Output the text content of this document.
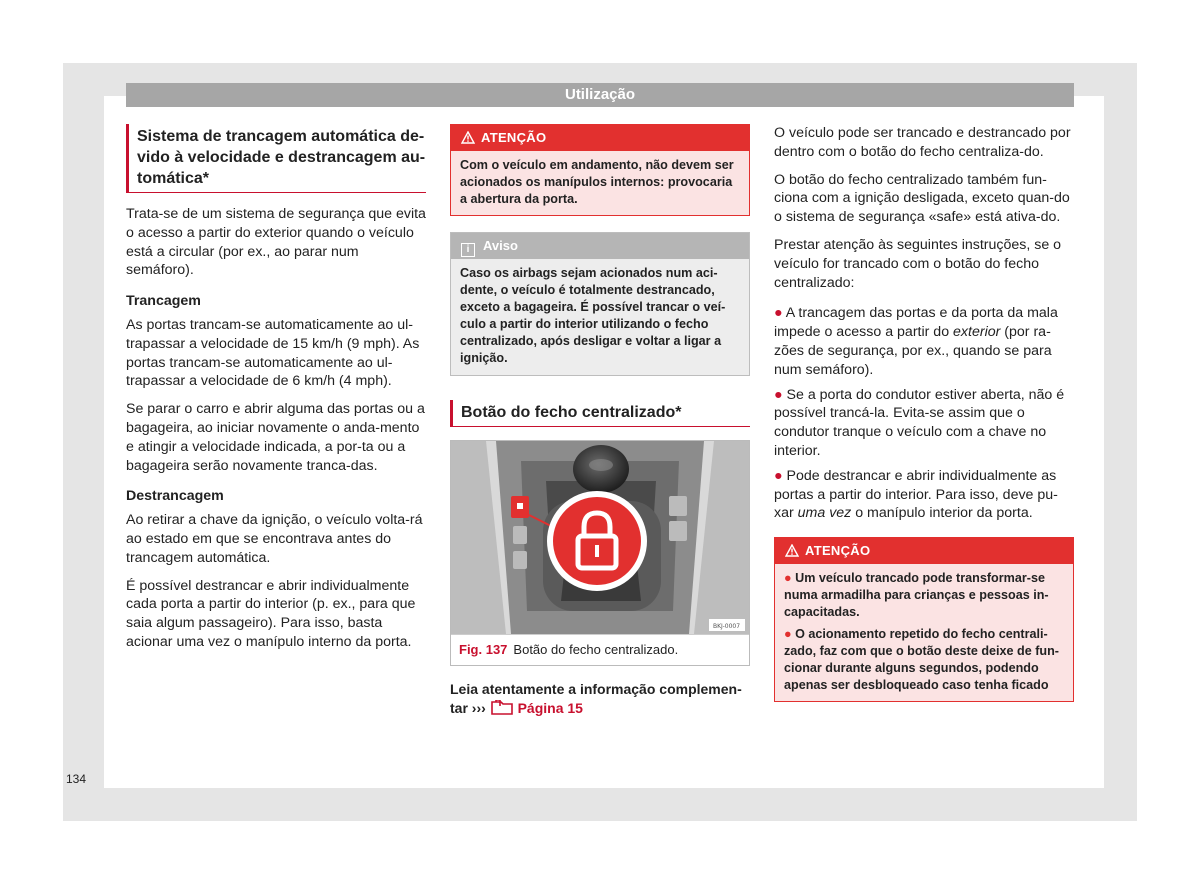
Utilização
Sistema de trancagem automática de-vido à velocidade e destrancagem au-tomática*

Trata-se de um sistema de segurança que evita o acesso a partir do exterior quando o veículo está a circular (por ex., ao parar num semáforo).

Trancagem

As portas trancam-se automaticamente ao ul-trapassar a velocidade de 15 km/h (9 mph). As portas trancam-se automaticamente ao ul-trapassar a velocidade de 6 km/h (4 mph).

Se parar o carro e abrir alguma das portas ou a bagageira, ao iniciar novamente o anda-mento e atingir a velocidade indicada, a por-ta ou a bagageira serão novamente tranca-das.

Destrancagem

Ao retirar a chave da ignição, o veículo volta-rá ao estado em que se encontrava antes do trancagem automática.

É possível destrancar e abrir individualmente cada porta a partir do interior (p. ex., para que saia algum passageiro). Para isso, basta acionar uma vez o manípulo interno da porta.

ATENÇÃO
Com o veículo em andamento, não devem ser acionados os manípulos internos: provocaria a abertura da porta.
i Aviso
Caso os airbags sejam acionados num aci-dente, o veículo é totalmente destrancado, exceto a bagageira. É possível trancar o veí-culo a partir do interior utilizando o fecho centralizado, após desligar e voltar a ligar a ignição.
Botão do fecho centralizado*
BKJ-0007
Fig. 137 Botão do fecho centralizado.
Leia atentamente a informação complemen-tar ››› Página 15

O veículo pode ser trancado e destrancado por dentro com o botão do fecho centraliza-do.

O botão do fecho centralizado também fun-ciona com a ignição desligada, exceto quan-do o sistema de segurança «safe» está ativa-do.

Prestar atenção às seguintes instruções, se o veículo for trancado com o botão do fecho centralizado:

● A trancagem das portas e da porta da mala impede o acesso a partir do exterior (por ra-zões de segurança, por ex., quando se para num semáforo).

● Se a porta do condutor estiver aberta, não é possível trancá-la. Evita-se assim que o condutor tranque o veículo com a chave no interior.

● Pode destrancar e abrir individualmente as portas a partir do interior. Para isso, deve pu-xar uma vez o manípulo interior da porta.

ATENÇÃO
● Um veículo trancado pode transformar-se numa armadilha para crianças e pessoas in-capacitadas.
● O acionamento repetido do fecho centrali-zado, faz com que o botão deste deixe de fun-cionar durante alguns segundos, podendo apenas ser desbloqueado caso tenha ficado
134
